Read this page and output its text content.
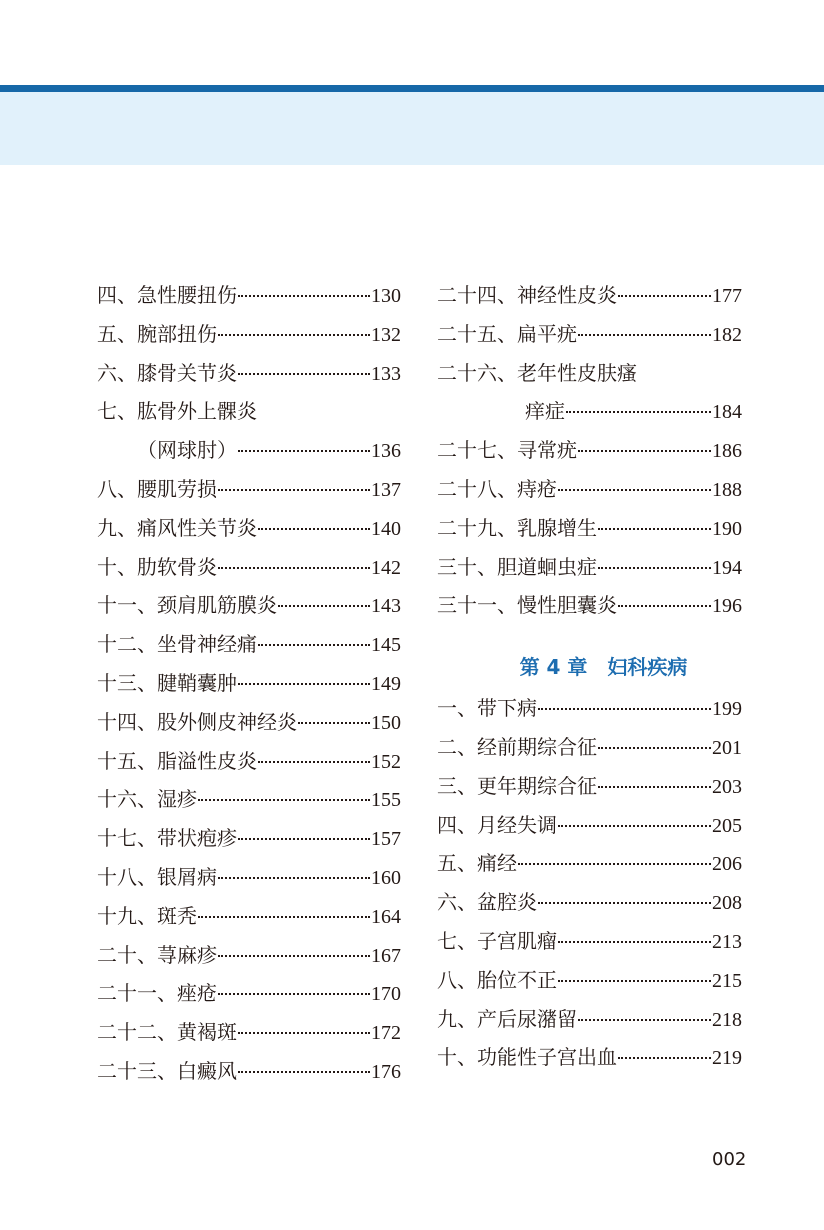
四、急性腰扭伤	130
五、腕部扭伤	132
六、膝骨关节炎	133
七、肱骨外上髁炎
（网球肘）	136
八、腰肌劳损	137
九、痛风性关节炎	140
十、肋软骨炎	142
十一、颈肩肌筋膜炎	143
十二、坐骨神经痛	145
十三、腱鞘囊肿	149
十四、股外侧皮神经炎	150
十五、脂溢性皮炎	152
十六、湿疹	155
十七、带状疱疹	157
十八、银屑病	160
十九、斑秃	164
二十、荨麻疹	167
二十一、痤疮	170
二十二、黄褐斑	172
二十三、白癜风	176
二十四、神经性皮炎	177
二十五、扁平疣	182
二十六、老年性皮肤瘙
痒症	184
二十七、寻常疣	186
二十八、痔疮	188
二十九、乳腺增生	190
三十、胆道蛔虫症	194
三十一、慢性胆囊炎	196
第 4 章　妇科疾病
一、带下病	199
二、经前期综合征	201
三、更年期综合征	203
四、月经失调	205
五、痛经	206
六、盆腔炎	208
七、子宫肌瘤	213
八、胎位不正	215
九、产后尿潴留	218
十、功能性子宫出血	219
002
